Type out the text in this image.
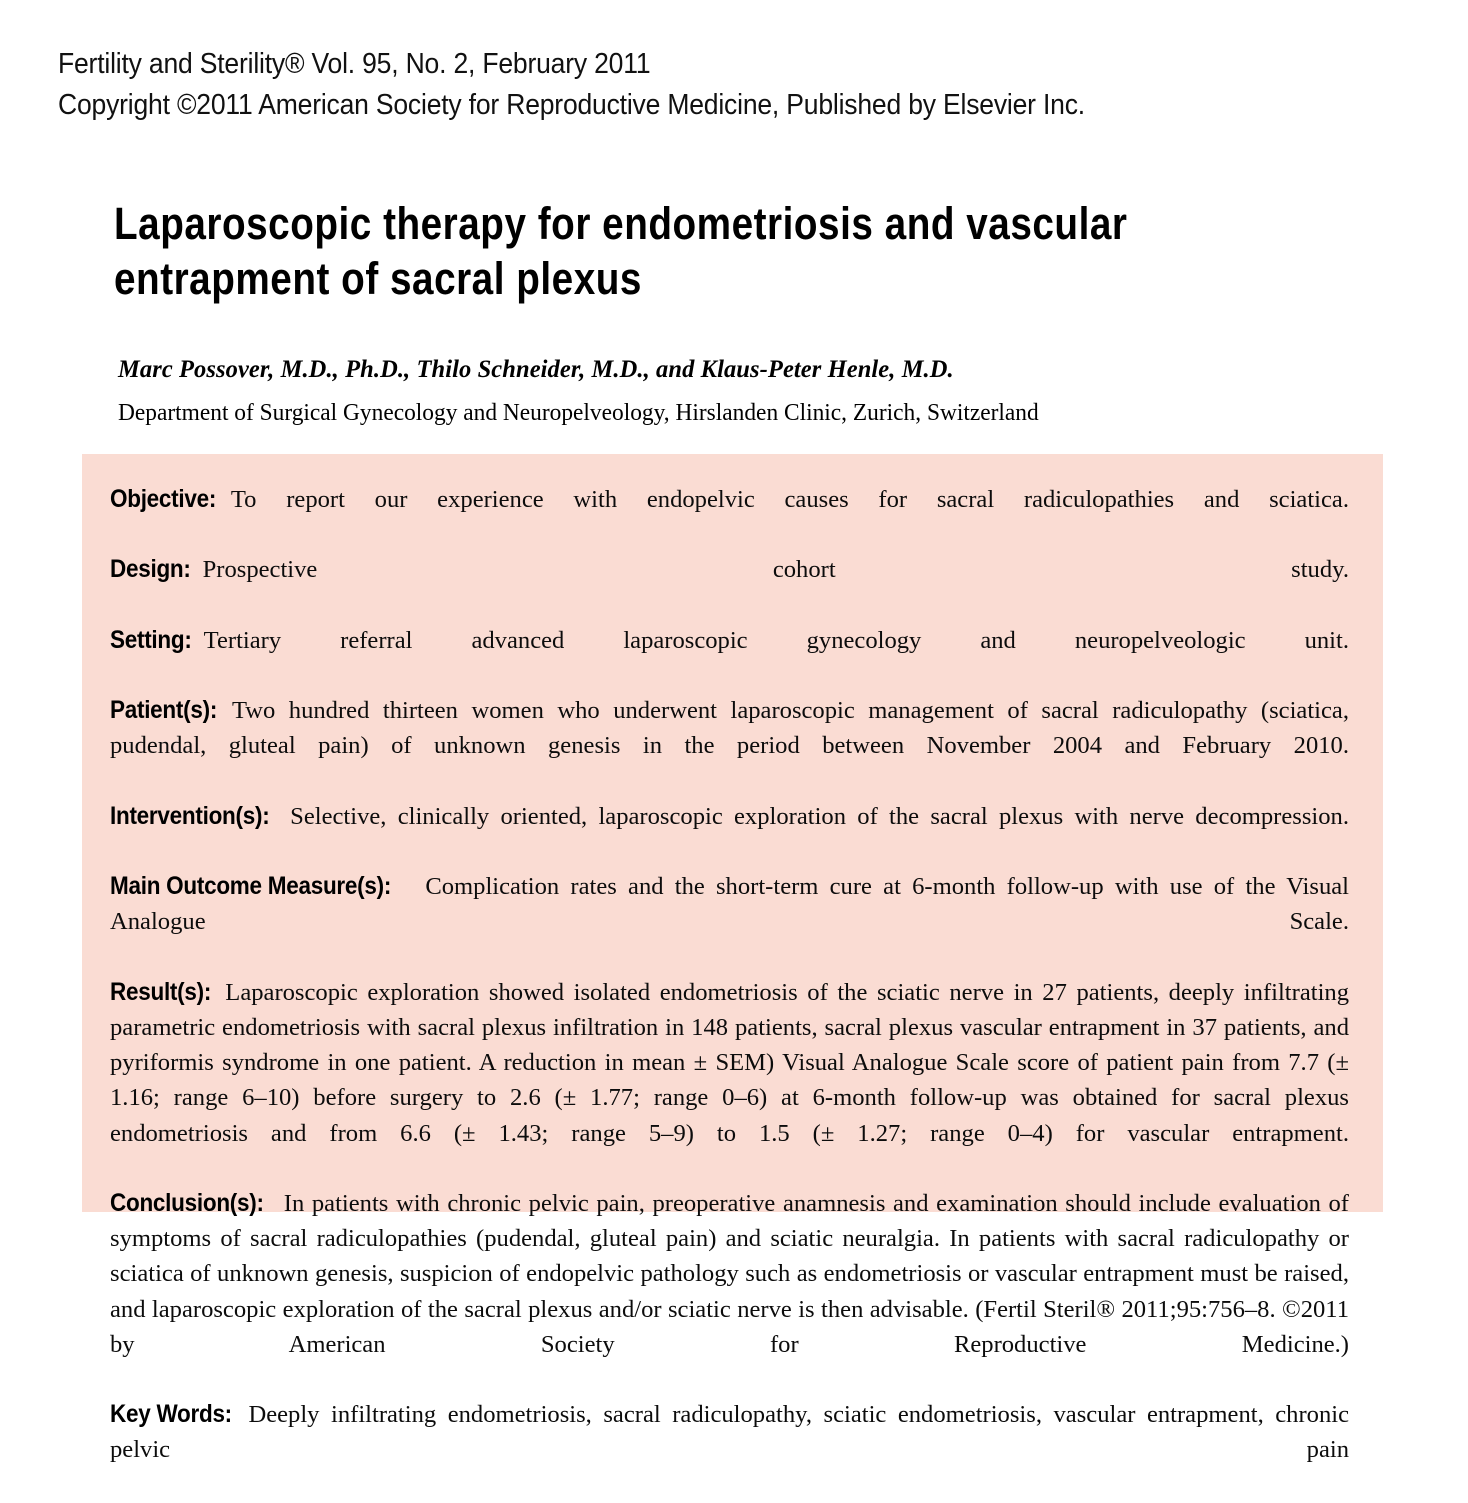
Fertility and Sterility® Vol. 95, No. 2, February 2011
Copyright ©2011 American Society for Reproductive Medicine, Published by Elsevier Inc.
Laparoscopic therapy for endometriosis and vascular entrapment of sacral plexus
Marc Possover, M.D., Ph.D., Thilo Schneider, M.D., and Klaus-Peter Henle, M.D.
Department of Surgical Gynecology and Neuropelveology, Hirslanden Clinic, Zurich, Switzerland

Objective: To report our experience with endopelvic causes for sacral radiculopathies and sciatica.

Design: Prospective cohort study.

Setting: Tertiary referral advanced laparoscopic gynecology and neuropelveologic unit.

Patient(s): Two hundred thirteen women who underwent laparoscopic management of sacral radiculopathy (sciatica, pudendal, gluteal pain) of unknown genesis in the period between November 2004 and February 2010.

Intervention(s): Selective, clinically oriented, laparoscopic exploration of the sacral plexus with nerve decompression.

Main Outcome Measure(s): Complication rates and the short-term cure at 6-month follow-up with use of the Visual Analogue Scale.

Result(s): Laparoscopic exploration showed isolated endometriosis of the sciatic nerve in 27 patients, deeply infiltrating parametric endometriosis with sacral plexus infiltration in 148 patients, sacral plexus vascular entrapment in 37 patients, and pyriformis syndrome in one patient. A reduction in mean ± SEM) Visual Analogue Scale score of patient pain from 7.7 (± 1.16; range 6–10) before surgery to 2.6 (± 1.77; range 0–6) at 6-month follow-up was obtained for sacral plexus endometriosis and from 6.6 (± 1.43; range 5–9) to 1.5 (± 1.27; range 0–4) for vascular entrapment.

Conclusion(s): In patients with chronic pelvic pain, preoperative anamnesis and examination should include evaluation of symptoms of sacral radiculopathies (pudendal, gluteal pain) and sciatic neuralgia. In patients with sacral radiculopathy or sciatica of unknown genesis, suspicion of endopelvic pathology such as endometriosis or vascular entrapment must be raised, and laparoscopic exploration of the sacral plexus and/or sciatic nerve is then advisable. (Fertil Steril® 2011;95:756–8. ©2011 by American Society for Reproductive Medicine.)

Key Words: Deeply infiltrating endometriosis, sacral radiculopathy, sciatic endometriosis, vascular entrapment, chronic pelvic pain
